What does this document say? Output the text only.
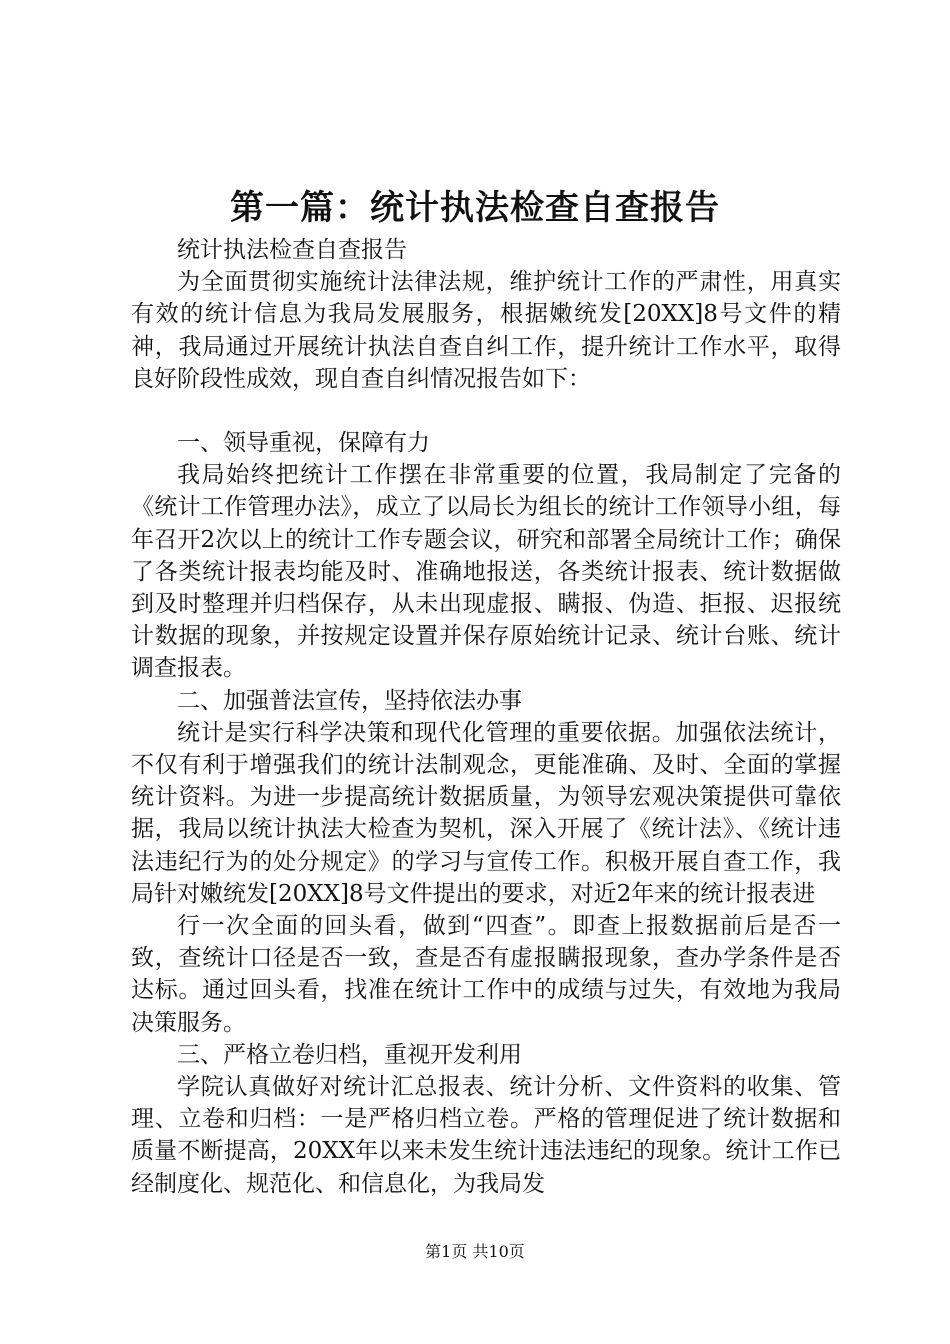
第一篇：统计执法检查自查报告

统计执法检查自查报告

为全面贯彻实施统计法律法规，维护统计工作的严肃性，用真实有效的统计信息为我局发展服务，根据嫩统发[20XX]8号文件的精神，我局通过开展统计执法自查自纠工作，提升统计工作水平，取得良好阶段性成效，现自查自纠情况报告如下：

一、领导重视，保障有力

我局始终把统计工作摆在非常重要的位置，我局制定了完备的《统计工作管理办法》，成立了以局长为组长的统计工作领导小组，每年召开2次以上的统计工作专题会议，研究和部署全局统计工作；确保了各类统计报表均能及时、准确地报送，各类统计报表、统计数据做到及时整理并归档保存，从未出现虚报、瞒报、伪造、拒报、迟报统计数据的现象，并按规定设置并保存原始统计记录、统计台账、统计调查报表。

二、加强普法宣传，坚持依法办事

统计是实行科学决策和现代化管理的重要依据。加强依法统计，不仅有利于增强我们的统计法制观念，更能准确、及时、全面的掌握统计资料。为进一步提高统计数据质量，为领导宏观决策提供可靠依据，我局以统计执法大检查为契机，深入开展了《统计法》、《统计违法违纪行为的处分规定》的学习与宣传工作。积极开展自查工作，我局针对嫩统发[20XX]8号文件提出的要求，对近2年来的统计报表进

行一次全面的回头看，做到“四查”。即查上报数据前后是否一致，查统计口径是否一致，查是否有虚报瞒报现象，查办学条件是否达标。通过回头看，找准在统计工作中的成绩与过失，有效地为我局决策服务。

三、严格立卷归档，重视开发利用

学院认真做好对统计汇总报表、统计分析、文件资料的收集、管理、立卷和归档：一是严格归档立卷。严格的管理促进了统计数据和质量不断提高，20XX年以来未发生统计违法违纪的现象。统计工作已经制度化、规范化、和信息化，为我局发

第1页 共10页
